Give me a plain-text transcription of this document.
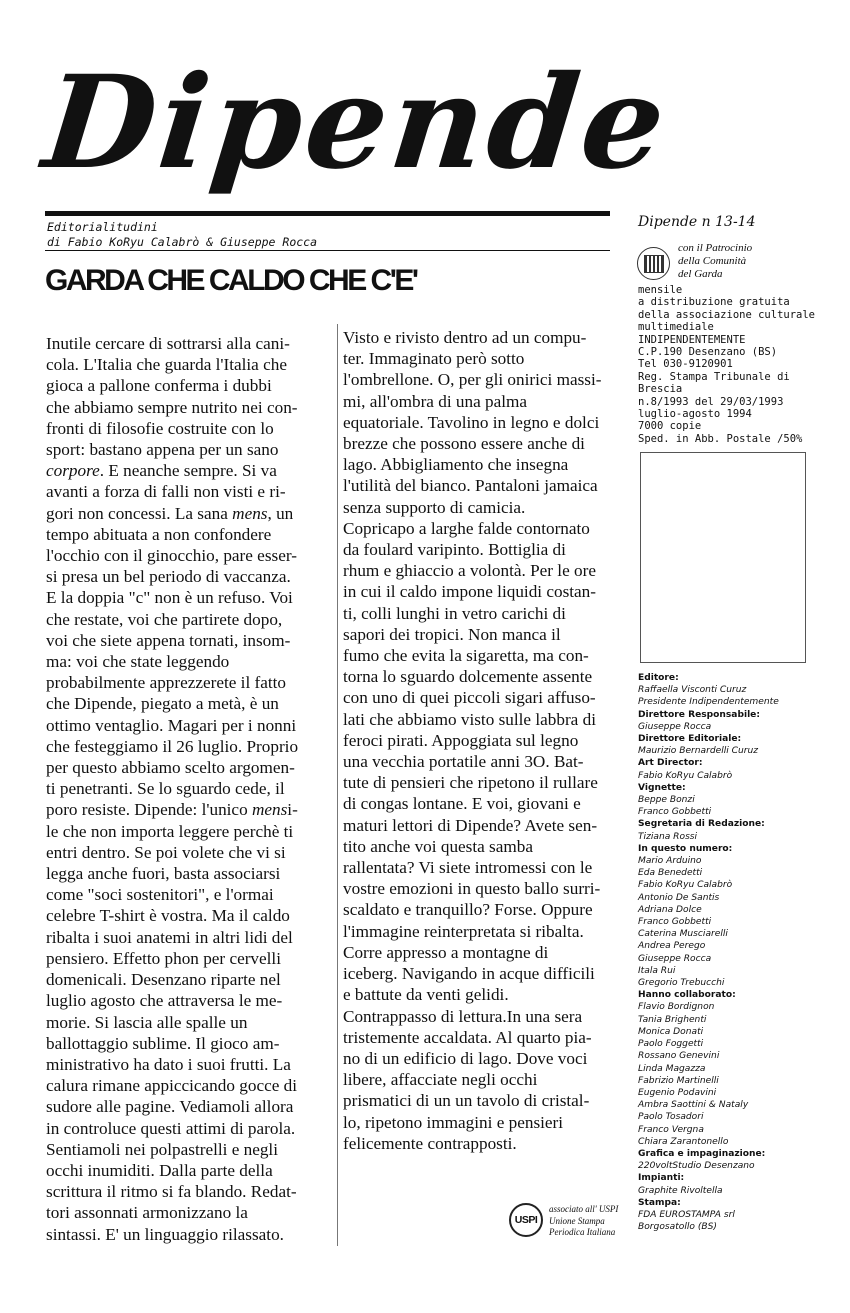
Dipende
Editorialitudini
di Fabio KoRyu Calabrò & Giuseppe Rocca
GARDA CHE CALDO CHE C'E'
Inutile cercare di sottrarsi alla cani-
cola. L'Italia che guarda l'Italia che
gioca a pallone conferma i dubbi
che abbiamo sempre nutrito nei con-
fronti di filosofie costruite con lo
sport: bastano appena per un sano
corpore. E neanche sempre. Si va
avanti a forza di falli non visti e ri-
gori non concessi. La sana mens, un
tempo abituata a non confondere
l'occhio con il ginocchio, pare esser-
si presa un bel periodo di vaccanza.
E la doppia "c" non è un refuso. Voi
che restate, voi che partirete dopo,
voi che siete appena tornati, insom-
ma: voi che state leggendo
probabilmente apprezzerete il fatto
che Dipende, piegato a metà, è un
ottimo ventaglio. Magari per i nonni
che festeggiamo il 26 luglio. Proprio
per questo abbiamo scelto argomen-
ti penetranti. Se lo sguardo cede, il
poro resiste. Dipende: l'unico mensi-
le che non importa leggere perchè ti
entri dentro. Se poi volete che vi si
legga anche fuori, basta associarsi
come "soci sostenitori", e l'ormai
celebre T-shirt è vostra. Ma il caldo
ribalta i suoi anatemi in altri lidi del
pensiero. Effetto phon per cervelli
domenicali. Desenzano riparte nel
luglio agosto che attraversa le me-
morie. Si lascia alle spalle un
ballottaggio sublime. Il gioco am-
ministrativo ha dato i suoi frutti. La
calura rimane appiccicando gocce di
sudore alle pagine. Vediamoli allora
in controluce questi attimi di parola.
Sentiamoli nei polpastrelli e negli
occhi inumiditi. Dalla parte della
scrittura il ritmo si fa blando. Redat-
tori assonnati armonizzano la
sintassi. E' un linguaggio rilassato.
Visto e rivisto dentro ad un compu-
ter. Immaginato però sotto
l'ombrellone. O, per gli onirici massi-
mi, all'ombra di una palma
equatoriale. Tavolino in legno e dolci
brezze che possono essere anche di
lago. Abbigliamento che insegna
l'utilità del bianco. Pantaloni jamaica
senza supporto di camicia.
Copricapo a larghe falde contornato
da foulard varipinto. Bottiglia di
rhum e ghiaccio a volontà. Per le ore
in cui il caldo impone liquidi costan-
ti, colli lunghi in vetro carichi di
sapori dei tropici. Non manca il
fumo che evita la sigaretta, ma con-
torna lo sguardo dolcemente assente
con uno di quei piccoli sigari affuso-
lati che abbiamo visto sulle labbra di
feroci pirati. Appoggiata sul legno
una vecchia portatile anni 3O. Bat-
tute di pensieri che ripetono il rullare
di congas lontane. E voi, giovani e
maturi lettori di Dipende? Avete sen-
tito anche voi questa samba
rallentata? Vi siete intromessi con le
vostre emozioni in questo ballo surri-
scaldato e tranquillo? Forse. Oppure
l'immagine reinterpretata si ribalta.
Corre appresso a montagne di
iceberg. Navigando in acque difficili
e battute da venti gelidi.
Contrappasso di lettura.In una sera
tristemente accaldata. Al quarto pia-
no di un edificio di lago. Dove voci
libere, affacciate negli occhi
prismatici di un un tavolo di cristal-
lo, ripetono immagini e pensieri
felicemente contrapposti.
Dipende n 13-14
con il Patrocinio
della Comunità
del Garda
mensile
a distribuzione gratuita
della associazione culturale
multimediale
INDIPENDENTEMENTE
C.P.190 Desenzano (BS)
Tel 030-9120901
Reg. Stampa Tribunale di
Brescia
n.8/1993 del 29/03/1993
luglio-agosto 1994
7000 copie
Sped. in Abb. Postale /50%
Editore:
Raffaella Visconti Curuz
Presidente Indipendentemente
Direttore Responsabile:
Giuseppe Rocca
Direttore Editoriale:
Maurizio Bernardelli Curuz
Art Director:
Fabio KoRyu Calabrò
Vignette:
Beppe Bonzi
Franco Gobbetti
Segretaria di Redazione:
Tiziana Rossi
In questo numero:
Mario Arduino
Eda Benedetti
Fabio KoRyu Calabrò
Antonio De Santis
Adriana Dolce
Franco Gobbetti
Caterina Musciarelli
Andrea Perego
Giuseppe Rocca
Itala Rui
Gregorio Trebucchi
Hanno collaborato:
Flavio Bordignon
Tania Brighenti
Monica Donati
Paolo Foggetti
Rossano Genevini
Linda Magazza
Fabrizio Martinelli
Eugenio Podavini
Ambra Saottini & Nataly
Paolo Tosadori
Franco Vergna
Chiara Zarantonello
Grafica e impaginazione:
220voltStudio Desenzano
Impianti:
Graphite Rivoltella
Stampa:
FDA EUROSTAMPA srl
Borgosatollo (BS)
USPI
associato all' USPI
Unione Stampa
Periodica Italiana
